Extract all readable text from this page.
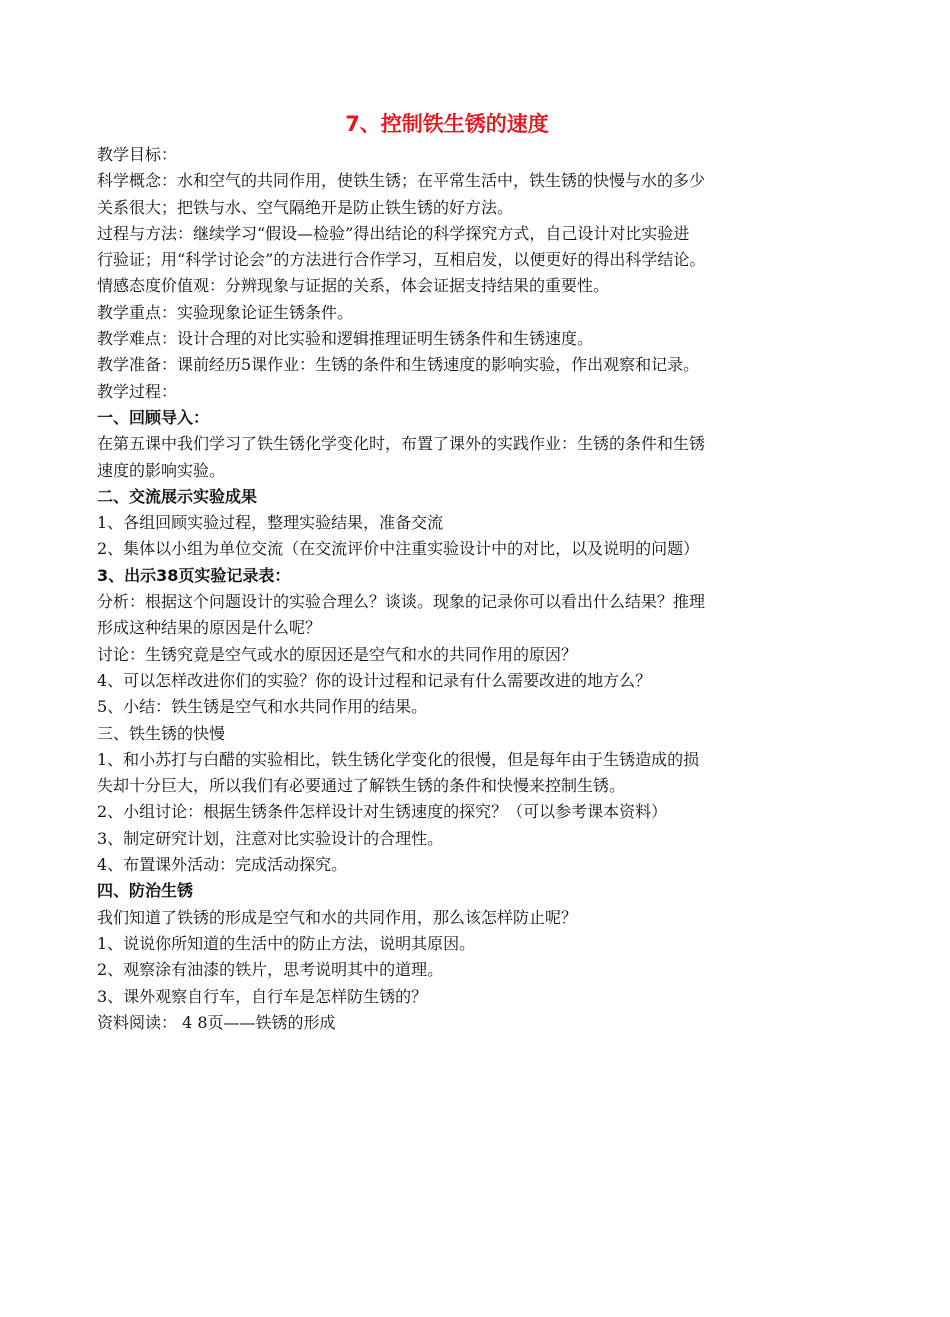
7、控制铁生锈的速度
教学目标：
科学概念：水和空气的共同作用，使铁生锈；在平常生活中，铁生锈的快慢与水的多少
关系很大；把铁与水、空气隔绝开是防止铁生锈的好方法。
过程与方法：继续学习“假设—检验”得出结论的科学探究方式，自己设计对比实验进
行验证；用“科学讨论会”的方法进行合作学习，互相启发，以便更好的得出科学结论。
情感态度价值观：分辨现象与证据的关系，体会证据支持结果的重要性。
教学重点：实验现象论证生锈条件。
教学难点：设计合理的对比实验和逻辑推理证明生锈条件和生锈速度。
教学准备：课前经历5课作业：生锈的条件和生锈速度的影响实验，作出观察和记录。
教学过程：
一、回顾导入：
在第五课中我们学习了铁生锈化学变化时，布置了课外的实践作业：生锈的条件和生锈
速度的影响实验。
二、交流展示实验成果
1、各组回顾实验过程，整理实验结果，准备交流
2、集体以小组为单位交流（在交流评价中注重实验设计中的对比，以及说明的问题）
3、出示38页实验记录表：
分析：根据这个问题设计的实验合理么？谈谈。现象的记录你可以看出什么结果？推理
形成这种结果的原因是什么呢？
讨论：生锈究竟是空气或水的原因还是空气和水的共同作用的原因？
4、可以怎样改进你们的实验？你的设计过程和记录有什么需要改进的地方么？
5、小结：铁生锈是空气和水共同作用的结果。
三、铁生锈的快慢
1、和小苏打与白醋的实验相比，铁生锈化学变化的很慢，但是每年由于生锈造成的损
失却十分巨大，所以我们有必要通过了解铁生锈的条件和快慢来控制生锈。
2、小组讨论：根据生锈条件怎样设计对生锈速度的探究？（可以参考课本资料）
3、制定研究计划，注意对比实验设计的合理性。
4、布置课外活动：完成活动探究。
四、防治生锈
我们知道了铁锈的形成是空气和水的共同作用，那么该怎样防止呢？
1、说说你所知道的生活中的防止方法，说明其原因。
2、观察涂有油漆的铁片，思考说明其中的道理。
3、课外观察自行车，自行车是怎样防生锈的？
资料阅读： 4 8页——铁锈的形成
